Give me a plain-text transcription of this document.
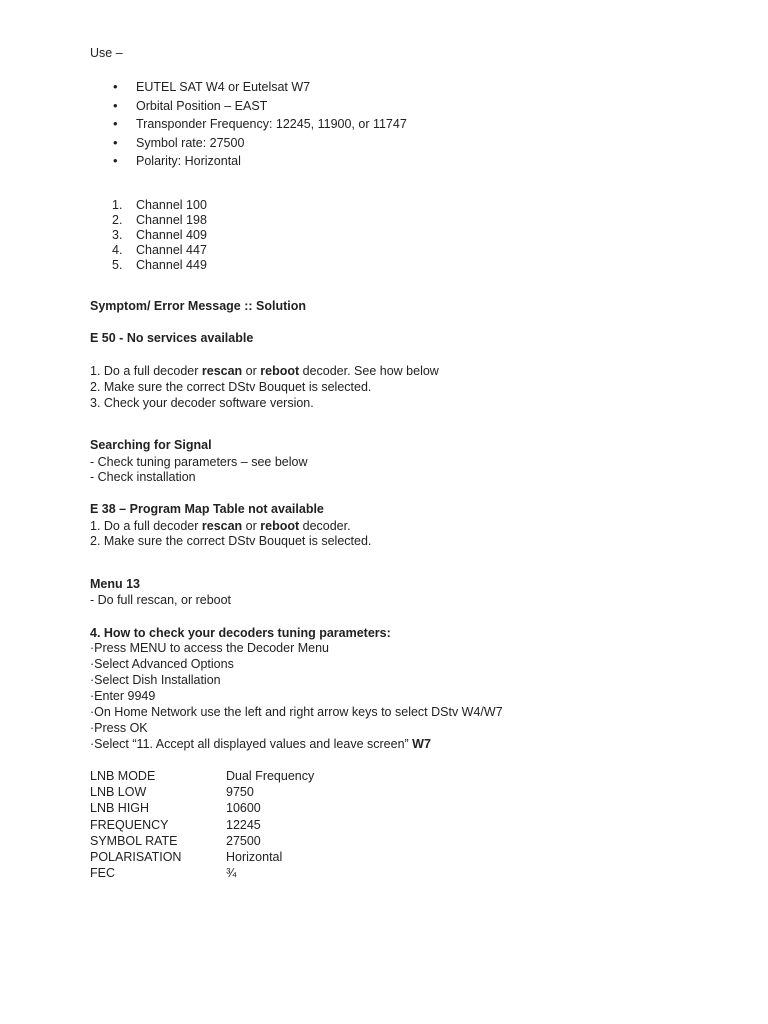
Use –
• EUTEL SAT W4 or Eutelsat W7
• Orbital Position – EAST
• Transponder Frequency: 12245, 11900, or 11747
• Symbol rate: 27500
• Polarity: Horizontal
1. Channel 100
2. Channel 198
3. Channel 409
4. Channel 447
5. Channel 449
Symptom/ Error Message :: Solution
E 50 - No services available
1. Do a full decoder rescan or reboot decoder. See how below
2. Make sure the correct DStv Bouquet is selected.
3. Check your decoder software version.
Searching for Signal
- Check tuning parameters – see below
- Check installation
E 38 – Program Map Table not available
1. Do a full decoder rescan or reboot decoder.
2. Make sure the correct DStv Bouquet is selected.
Menu 13
- Do full rescan, or reboot
4. How to check your decoders tuning parameters:
·Press MENU to access the Decoder Menu
·Select Advanced Options
·Select Dish Installation
·Enter 9949
·On Home Network use the left and right arrow keys to select DStv W4/W7
·Press OK
·Select “11. Accept all displayed values and leave screen” W7
LNB MODE	Dual Frequency
LNB LOW	9750
LNB HIGH	10600
FREQUENCY	12245
SYMBOL RATE	27500
POLARISATION	Horizontal
FEC	¾
